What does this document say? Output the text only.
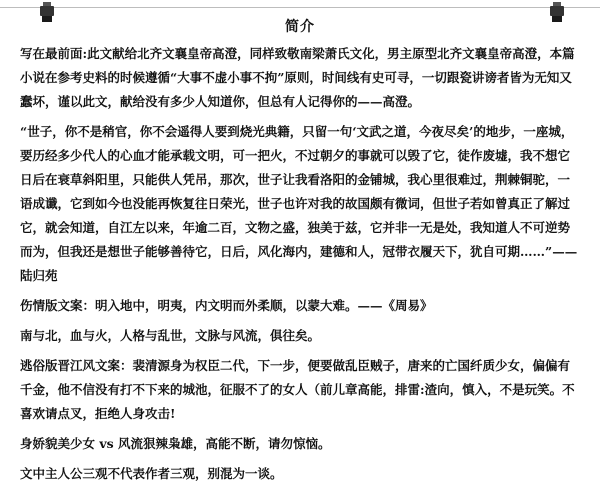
简介

写在最前面:此文献给北齐文襄皇帝高澄，同样致敬南梁萧氏文化，男主原型北齐文襄皇帝高澄，本篇小说在参考史料的时候遵循“大事不虚小事不拘”原则，时间线有史可寻，一切跟瓷讲谤者皆为无知又蠢坏，谨以此文，献给没有多少人知道你，但总有人记得你的——高澄。

“世子，你不是稍官，你不会遥得人要到烧光典籍，只留一句‘文武之道，今夜尽矣’的地步，一座城，要历经多少代人的心血才能承载文明，可一把火，不过朝夕的事就可以毁了它，徒作废墟，我不想它日后在衰草斜阳里，只能供人凭吊，那次，世子让我看洛阳的金铺城，我心里很难过，荆棘铜驼，一语成谶，它到如今也没能再恢复往日荣光，世子也许对我的故国颇有微词，但世子若如曾真正了解过它，就会知道，自江左以来，年逾二百，文物之盛，独美于兹，它并非一无是处，我知道人不可逆势而为，但我还是想世子能够善待它，日后，风化海内，建德和人，冠带衣履天下，犹自可期……”——陆归苑

伤情版文案：明入地中，明夷，内文明而外柔顺，以蒙大难。——《周易》

南与北，血与火，人格与乱世，文脉与风流，俱往矣。

逃俗版晋江风文案：裴清源身为权臣二代，下一步，便要做乱臣贼子，唐来的亡国纤质少女，偏偏有千金，他不信没有打不下来的城池，征服不了的女人（前儿章高能，排雷:渣向，慎入，不是玩笑。不喜欢请点叉，拒绝人身攻击!

身娇貌美少女 vs 风流狠辣枭雄，高能不断，请勿惊恼。

文中主人公三观不代表作者三观，别混为一谈。
